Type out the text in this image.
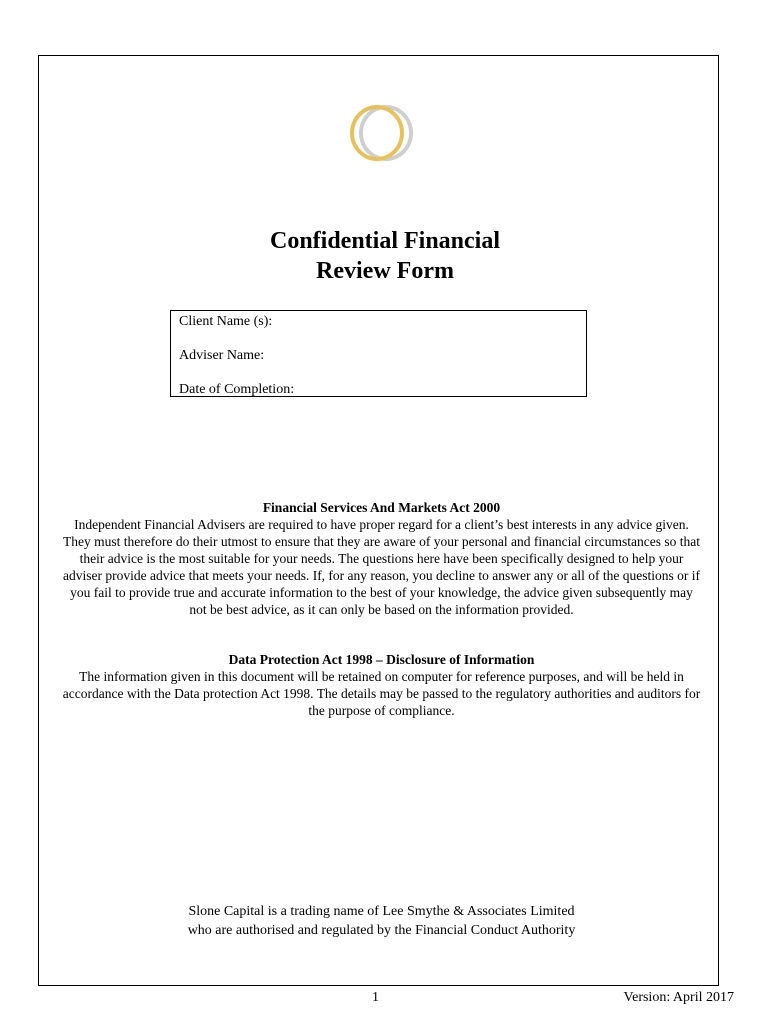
Confidential Financial
Review Form
Client Name (s):
Adviser Name:
Date of Completion:
Financial Services And Markets Act 2000
Independent Financial Advisers are required to have proper regard for a client’s best interests in any advice given. They must therefore do their utmost to ensure that they are aware of your personal and financial circumstances so that their advice is the most suitable for your needs. The questions here have been specifically designed to help your adviser provide advice that meets your needs. If, for any reason, you decline to answer any or all of the questions or if you fail to provide true and accurate information to the best of your knowledge, the advice given subsequently may not be best advice, as it can only be based on the information provided.
Data Protection Act 1998 – Disclosure of Information
The information given in this document will be retained on computer for reference purposes, and will be held in accordance with the Data protection Act 1998. The details may be passed to the regulatory authorities and auditors for the purpose of compliance.
Slone Capital is a trading name of Lee Smythe & Associates Limited
who are authorised and regulated by the Financial Conduct Authority
1	Version: April 2017
